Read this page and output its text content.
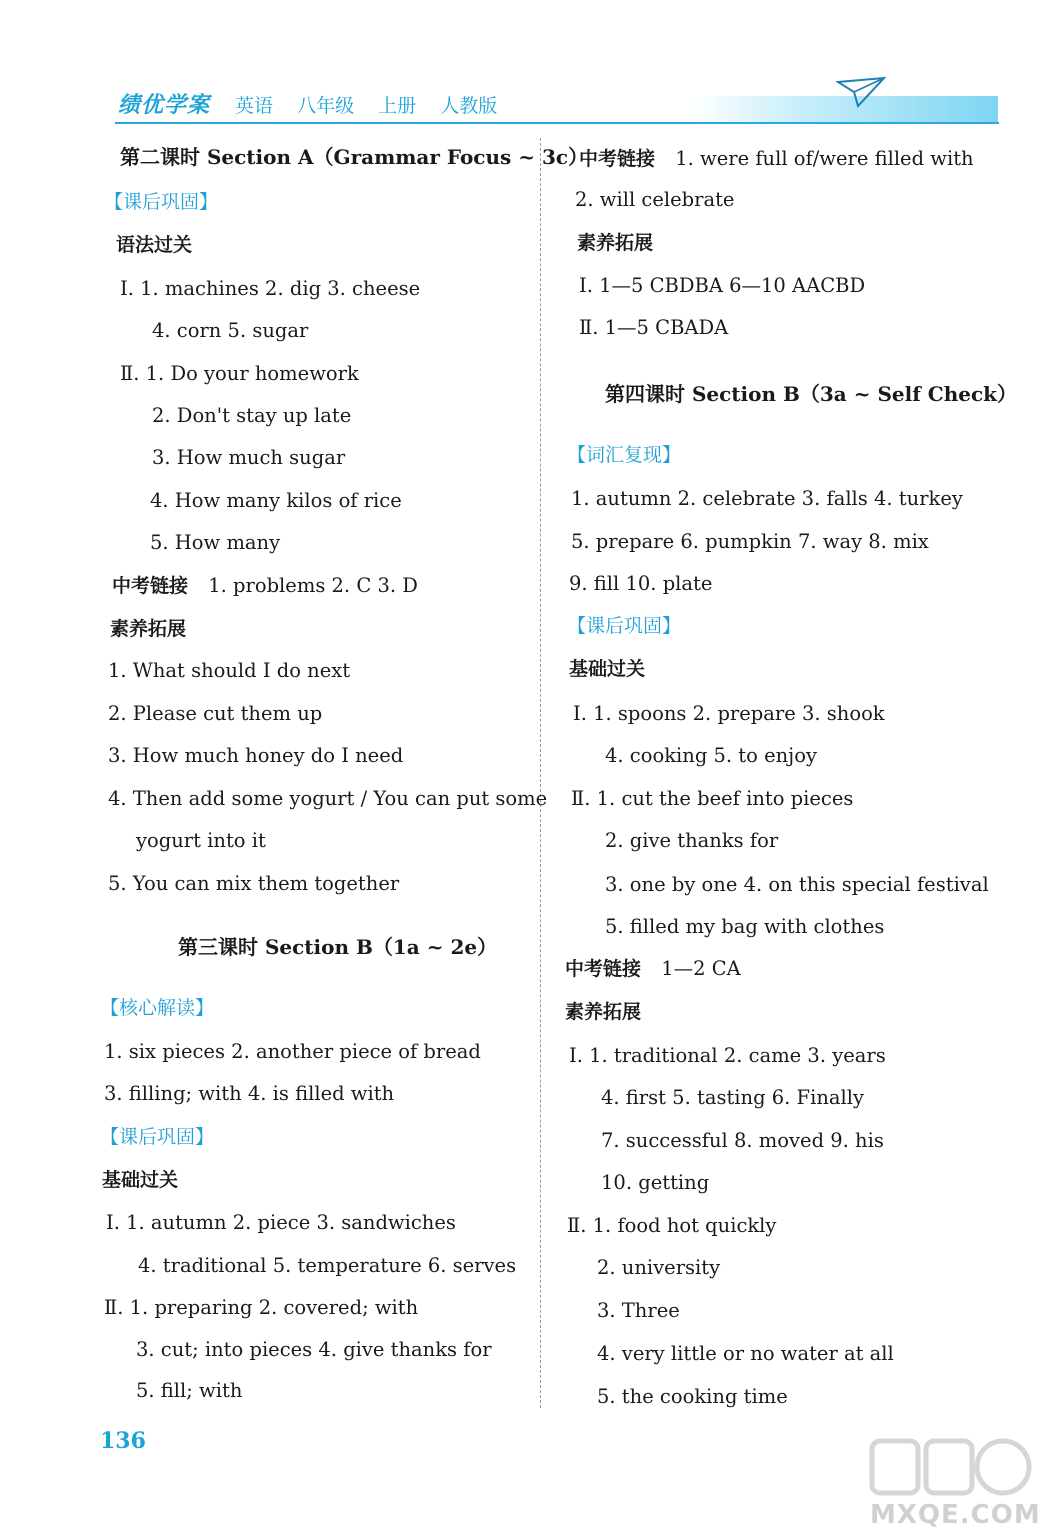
绩优学案 英语 八年级 上册 人教版
第二课时 Section A（Grammar Focus ~ 3c）
【课后巩固】
语法过关
Ⅰ. 1. machines 2. dig 3. cheese
4. corn 5. sugar
Ⅱ. 1. Do your homework
2. Don't stay up late
3. How much sugar
4. How many kilos of rice
5. How many
中考链接 1. problems 2. C 3. D
素养拓展
1. What should I do next
2. Please cut them up
3. How much honey do I need
4. Then add some yogurt / You can put some
yogurt into it
5. You can mix them together
第三课时 Section B（1a ~ 2e）
【核心解读】
1. six pieces 2. another piece of bread
3. filling; with 4. is filled with
【课后巩固】
基础过关
Ⅰ. 1. autumn 2. piece 3. sandwiches
4. traditional 5. temperature 6. serves
Ⅱ. 1. preparing 2. covered; with
3. cut; into pieces 4. give thanks for
5. fill; with
中考链接 1. were full of/were filled with
2. will celebrate
素养拓展
Ⅰ. 1—5 CBDBA 6—10 AACBD
Ⅱ. 1—5 CBADA
第四课时 Section B（3a ~ Self Check）
【词汇复现】
1. autumn 2. celebrate 3. falls 4. turkey
5. prepare 6. pumpkin 7. way 8. mix
9. fill 10. plate
【课后巩固】
基础过关
Ⅰ. 1. spoons 2. prepare 3. shook
4. cooking 5. to enjoy
Ⅱ. 1. cut the beef into pieces
2. give thanks for
3. one by one 4. on this special festival
5. filled my bag with clothes
中考链接 1—2 CA
素养拓展
Ⅰ. 1. traditional 2. came 3. years
4. first 5. tasting 6. Finally
7. successful 8. moved 9. his
10. getting
Ⅱ. 1. food hot quickly
2. university
3. Three
4. very little or no water at all
5. the cooking time
136
MXQE.COM
